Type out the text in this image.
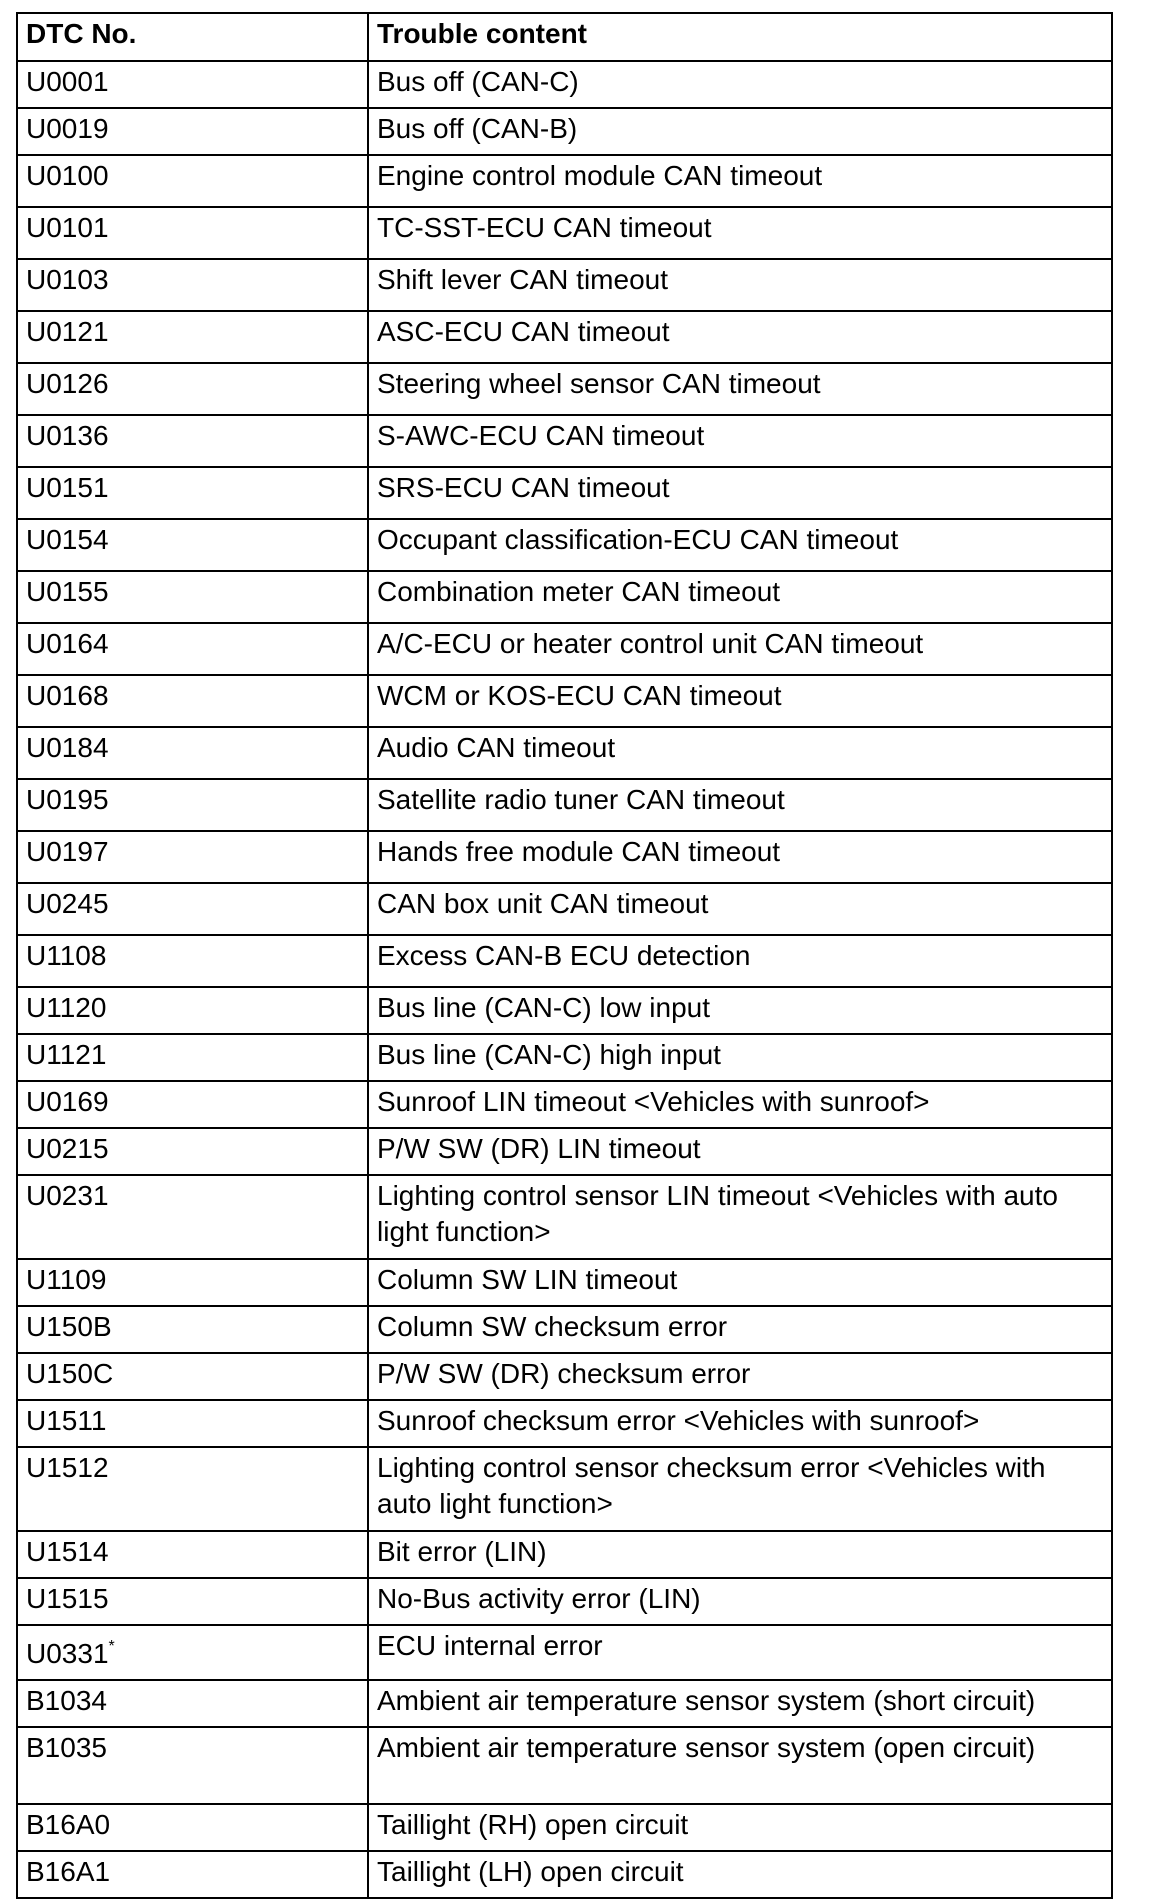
DTC No.	Trouble content
U0001	Bus off (CAN-C)
U0019	Bus off (CAN-B)
U0100	Engine control module CAN timeout
U0101	TC-SST-ECU CAN timeout
U0103	Shift lever CAN timeout
U0121	ASC-ECU CAN timeout
U0126	Steering wheel sensor CAN timeout
U0136	S-AWC-ECU CAN timeout
U0151	SRS-ECU CAN timeout
U0154	Occupant classification-ECU CAN timeout
U0155	Combination meter CAN timeout
U0164	A/C-ECU or heater control unit CAN timeout
U0168	WCM or KOS-ECU CAN timeout
U0184	Audio CAN timeout
U0195	Satellite radio tuner CAN timeout
U0197	Hands free module CAN timeout
U0245	CAN box unit CAN timeout
U1108	Excess CAN-B ECU detection
U1120	Bus line (CAN-C) low input
U1121	Bus line (CAN-C) high input
U0169	Sunroof LIN timeout <Vehicles with sunroof>
U0215	P/W SW (DR) LIN timeout
U0231	Lighting control sensor LIN timeout <Vehicles with auto light function>
U1109	Column SW LIN timeout
U150B	Column SW checksum error
U150C	P/W SW (DR) checksum error
U1511	Sunroof checksum error <Vehicles with sunroof>
U1512	Lighting control sensor checksum error <Vehicles with auto light function>
U1514	Bit error (LIN)
U1515	No-Bus activity error (LIN)
U0331*	ECU internal error
B1034	Ambient air temperature sensor system (short circuit)
B1035	Ambient air temperature sensor system (open circuit)
B16A0	Taillight (RH) open circuit
B16A1	Taillight (LH) open circuit
